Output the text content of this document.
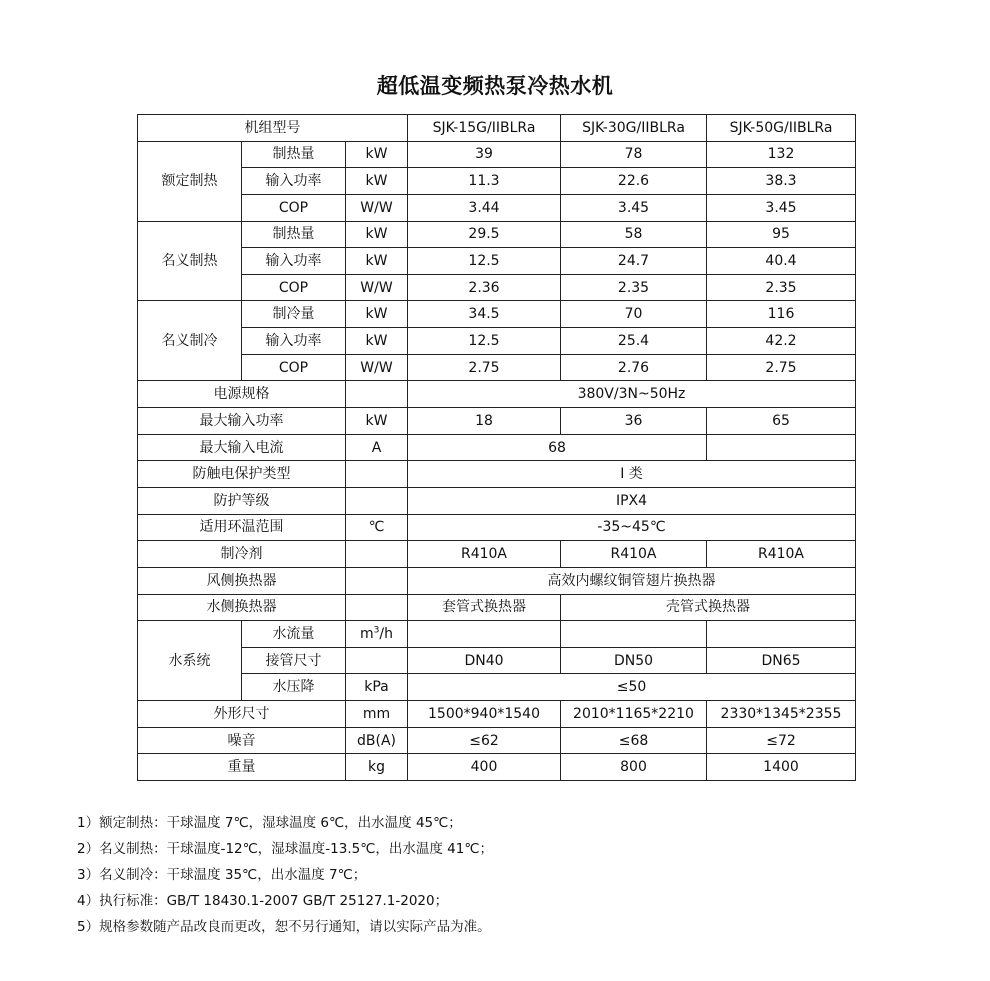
超低温变频热泵冷热水机
机组型号			SJK-15G/IIBLRa	SJK-30G/IIBLRa	SJK-50G/IIBLRa
额定制热	制热量	kW	39	78	132
	输入功率	kW	11.3	22.6	38.3
	COP	W/W	3.44	3.45	3.45
名义制热	制热量	kW	29.5	58	95
	输入功率	kW	12.5	24.7	40.4
	COP	W/W	2.36	2.35	2.35
名义制冷	制冷量	kW	34.5	70	116
	输入功率	kW	12.5	25.4	42.2
	COP	W/W	2.75	2.76	2.75
电源规格			380V/3N~50Hz		
最大输入功率		kW	18	36	65
最大输入电流		A	68		
防触电保护类型			I 类		
防护等级			IPX4		
适用环温范围		℃	-35~45℃		
制冷剂			R410A	R410A	R410A
风侧换热器			高效内螺纹铜管翅片换热器		
水侧换热器			套管式换热器	壳管式换热器	
水系统	水流量	$m^3/h$			
	接管尺寸		DN40	DN50	DN65
	水压降	kPa	≤50		
外形尺寸		mm	1500*940*1540	2010*1165*2210	2330*1345*2355
噪音		dB(A)	≤62	≤68	≤72
重量		kg	400	800	1400
1）额定制热：干球温度 7℃，湿球温度 6℃，出水温度 45℃；
2）名义制热：干球温度-12℃，湿球温度-13.5℃，出水温度 41℃；
3）名义制冷：干球温度 35℃，出水温度 7℃；
4）执行标准：GB/T 18430.1-2007 GB/T 25127.1-2020；
5）规格参数随产品改良而更改，恕不另行通知，请以实际产品为准。
